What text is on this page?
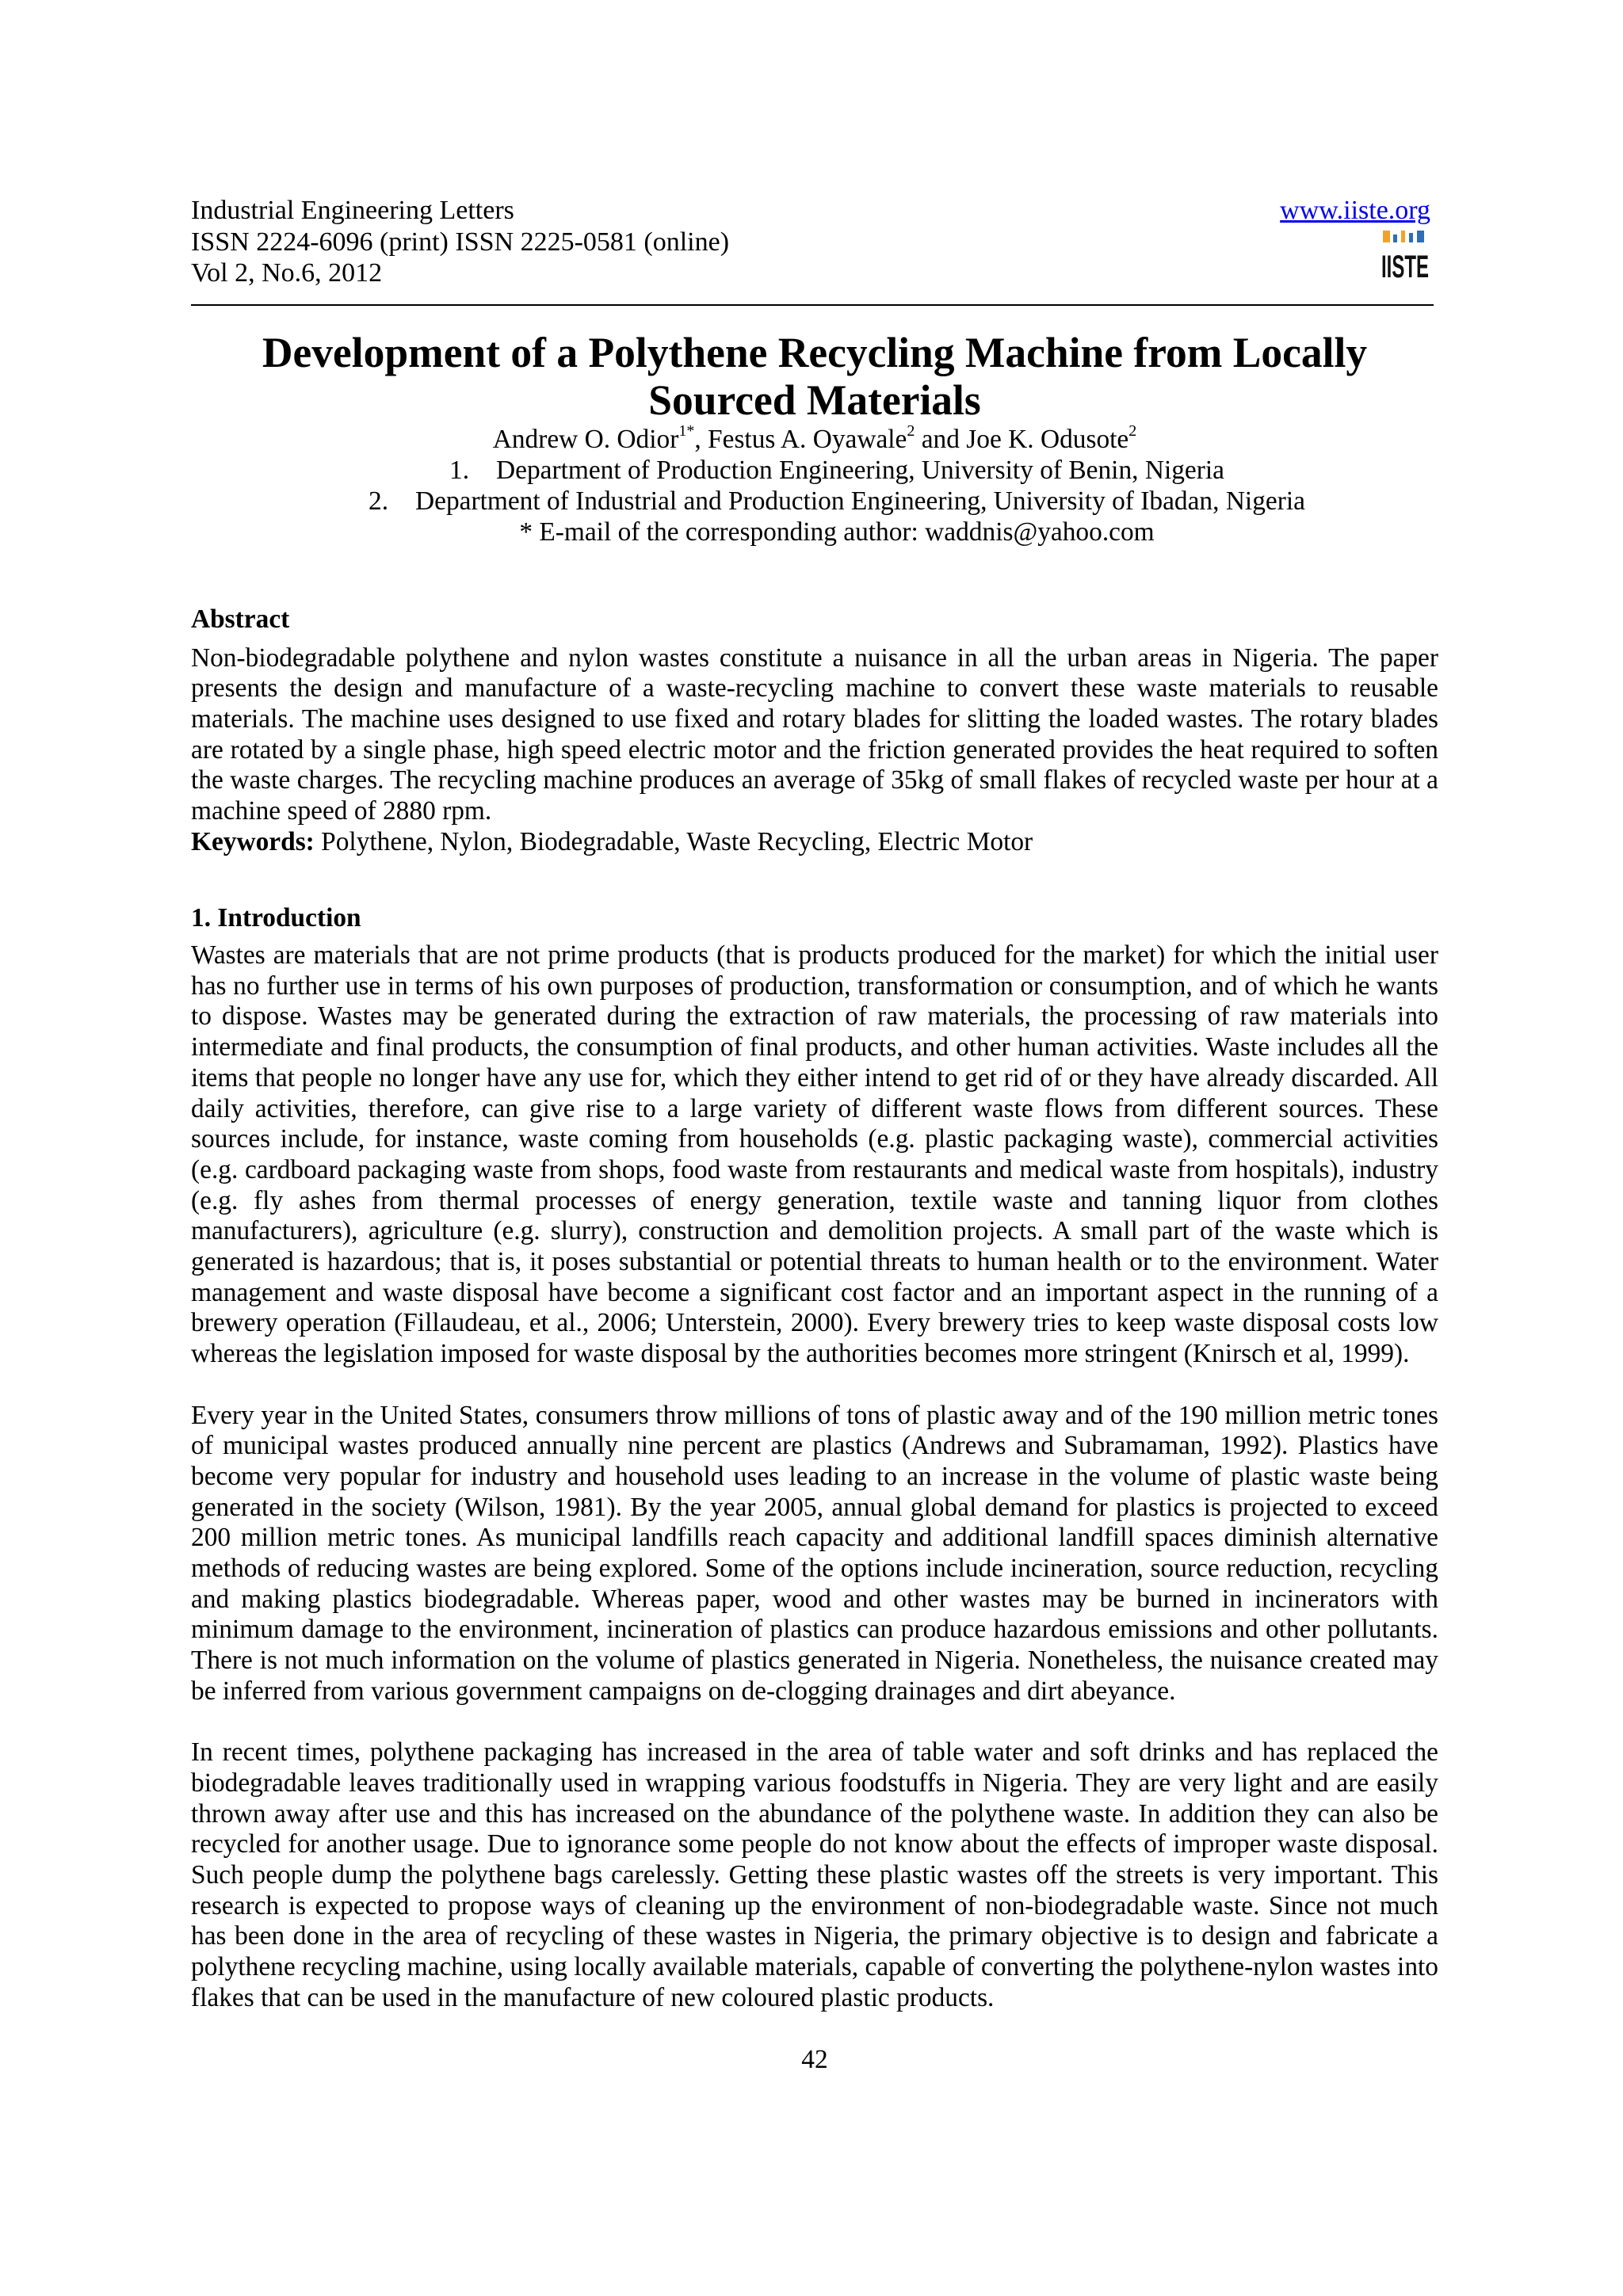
Industrial Engineering Letters
ISSN 2224-6096 (print) ISSN 2225-0581 (online)
Vol 2, No.6, 2012
www.iiste.org
IISTE
Development of a Polythene Recycling Machine from Locally Sourced Materials
Andrew O. Odior$^{1*}$, Festus A. Oyawale$^2$ and Joe K. Odusote$^2$
1. Department of Production Engineering, University of Benin, Nigeria
2. Department of Industrial and Production Engineering, University of Ibadan, Nigeria
* E-mail of the corresponding author: waddnis@yahoo.com
Abstract

Non-biodegradable polythene and nylon wastes constitute a nuisance in all the urban areas in Nigeria. The paper presents the design and manufacture of a waste-recycling machine to convert these waste materials to reusable materials. The machine uses designed to use fixed and rotary blades for slitting the loaded wastes. The rotary blades are rotated by a single phase, high speed electric motor and the friction generated provides the heat required to soften the waste charges. The recycling machine produces an average of 35kg of small flakes of recycled waste per hour at a machine speed of 2880 rpm.

Keywords: Polythene, Nylon, Biodegradable, Waste Recycling, Electric Motor

1. Introduction

Wastes are materials that are not prime products (that is products produced for the market) for which the initial user has no further use in terms of his own purposes of production, transformation or consumption, and of which he wants to dispose. Wastes may be generated during the extraction of raw materials, the processing of raw materials into intermediate and final products, the consumption of final products, and other human activities. Waste includes all the items that people no longer have any use for, which they either intend to get rid of or they have already discarded. All daily activities, therefore, can give rise to a large variety of different waste flows from different sources. These sources include, for instance, waste coming from households (e.g. plastic packaging waste), commercial activities (e.g. cardboard packaging waste from shops, food waste from restaurants and medical waste from hospitals), industry (e.g. fly ashes from thermal processes of energy generation, textile waste and tanning liquor from clothes manufacturers), agriculture (e.g. slurry), construction and demolition projects. A small part of the waste which is generated is hazardous; that is, it poses substantial or potential threats to human health or to the environment. Water management and waste disposal have become a significant cost factor and an important aspect in the running of a brewery operation (Fillaudeau, et al., 2006; Unterstein, 2000). Every brewery tries to keep waste disposal costs low whereas the legislation imposed for waste disposal by the authorities becomes more stringent (Knirsch et al, 1999).

Every year in the United States, consumers throw millions of tons of plastic away and of the 190 million metric tones of municipal wastes produced annually nine percent are plastics (Andrews and Subramaman, 1992). Plastics have become very popular for industry and household uses leading to an increase in the volume of plastic waste being generated in the society (Wilson, 1981). By the year 2005, annual global demand for plastics is projected to exceed 200 million metric tones. As municipal landfills reach capacity and additional landfill spaces diminish alternative methods of reducing wastes are being explored. Some of the options include incineration, source reduction, recycling and making plastics biodegradable. Whereas paper, wood and other wastes may be burned in incinerators with minimum damage to the environment, incineration of plastics can produce hazardous emissions and other pollutants. There is not much information on the volume of plastics generated in Nigeria. Nonetheless, the nuisance created may be inferred from various government campaigns on de-clogging drainages and dirt abeyance.

In recent times, polythene packaging has increased in the area of table water and soft drinks and has replaced the biodegradable leaves traditionally used in wrapping various foodstuffs in Nigeria. They are very light and are easily thrown away after use and this has increased on the abundance of the polythene waste. In addition they can also be recycled for another usage. Due to ignorance some people do not know about the effects of improper waste disposal. Such people dump the polythene bags carelessly. Getting these plastic wastes off the streets is very important. This research is expected to propose ways of cleaning up the environment of non-biodegradable waste. Since not much has been done in the area of recycling of these wastes in Nigeria, the primary objective is to design and fabricate a polythene recycling machine, using locally available materials, capable of converting the polythene-nylon wastes into flakes that can be used in the manufacture of new coloured plastic products.

42
